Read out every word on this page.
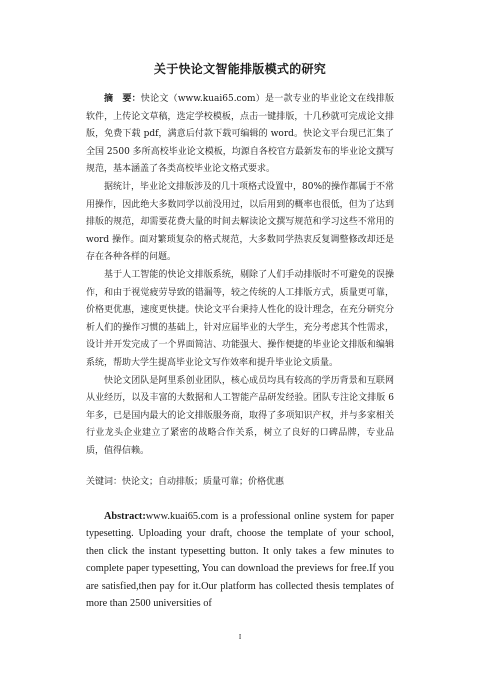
关于快论文智能排版模式的研究

摘　要：快论文（www.kuai65.com）是一款专业的毕业论文在线排版软件，上传论文草稿，选定学校模板，点击一键排版，十几秒就可完成论文排版，免费下载 pdf，满意后付款下载可编辑的 word。快论文平台现已汇集了全国 2500 多所高校毕业论文模板，均源自各校官方最新发布的毕业论文撰写规范，基本涵盖了各类高校毕业论文格式要求。

据统计，毕业论文排版涉及的几十项格式设置中，80%的操作都属于不常用操作，因此绝大多数同学以前没用过，以后用到的概率也很低，但为了达到排版的规范，却需要花费大量的时间去解读论文撰写规范和学习这些不常用的 word 操作。面对繁琐复杂的格式规范，大多数同学热衷反复调整修改却还是存在各种各样的问题。

基于人工智能的快论文排版系统，剔除了人们手动排版时不可避免的误操作，和由于视觉疲劳导致的错漏等，较之传统的人工排版方式，质量更可靠，价格更优惠，速度更快捷。快论文平台秉持人性化的设计理念，在充分研究分析人们的操作习惯的基础上，针对应届毕业的大学生，充分考虑其个性需求，设计并开发完成了一个界面简洁、功能强大、操作便捷的毕业论文排版和编辑系统，帮助大学生提高毕业论文写作效率和提升毕业论文质量。

快论文团队是阿里系创业团队，核心成员均具有较高的学历背景和互联网从业经历，以及丰富的大数据和人工智能产品研发经验。团队专注论文排版 6 年多，已是国内最大的论文排版服务商，取得了多项知识产权，并与多家相关行业龙头企业建立了紧密的战略合作关系，树立了良好的口碑品牌，专业品质，值得信赖。

关键词：快论文；自动排版；质量可靠；价格优惠

Abstract:www.kuai65.com is a professional online system for paper typesetting. Uploading your draft, choose the template of your school, then click the instant typesetting button. It only takes a few minutes to complete paper typesetting, You can download the previews for free.If you are satisfied,then pay for it.Our platform has collected thesis templates of more than 2500 universities of

I
